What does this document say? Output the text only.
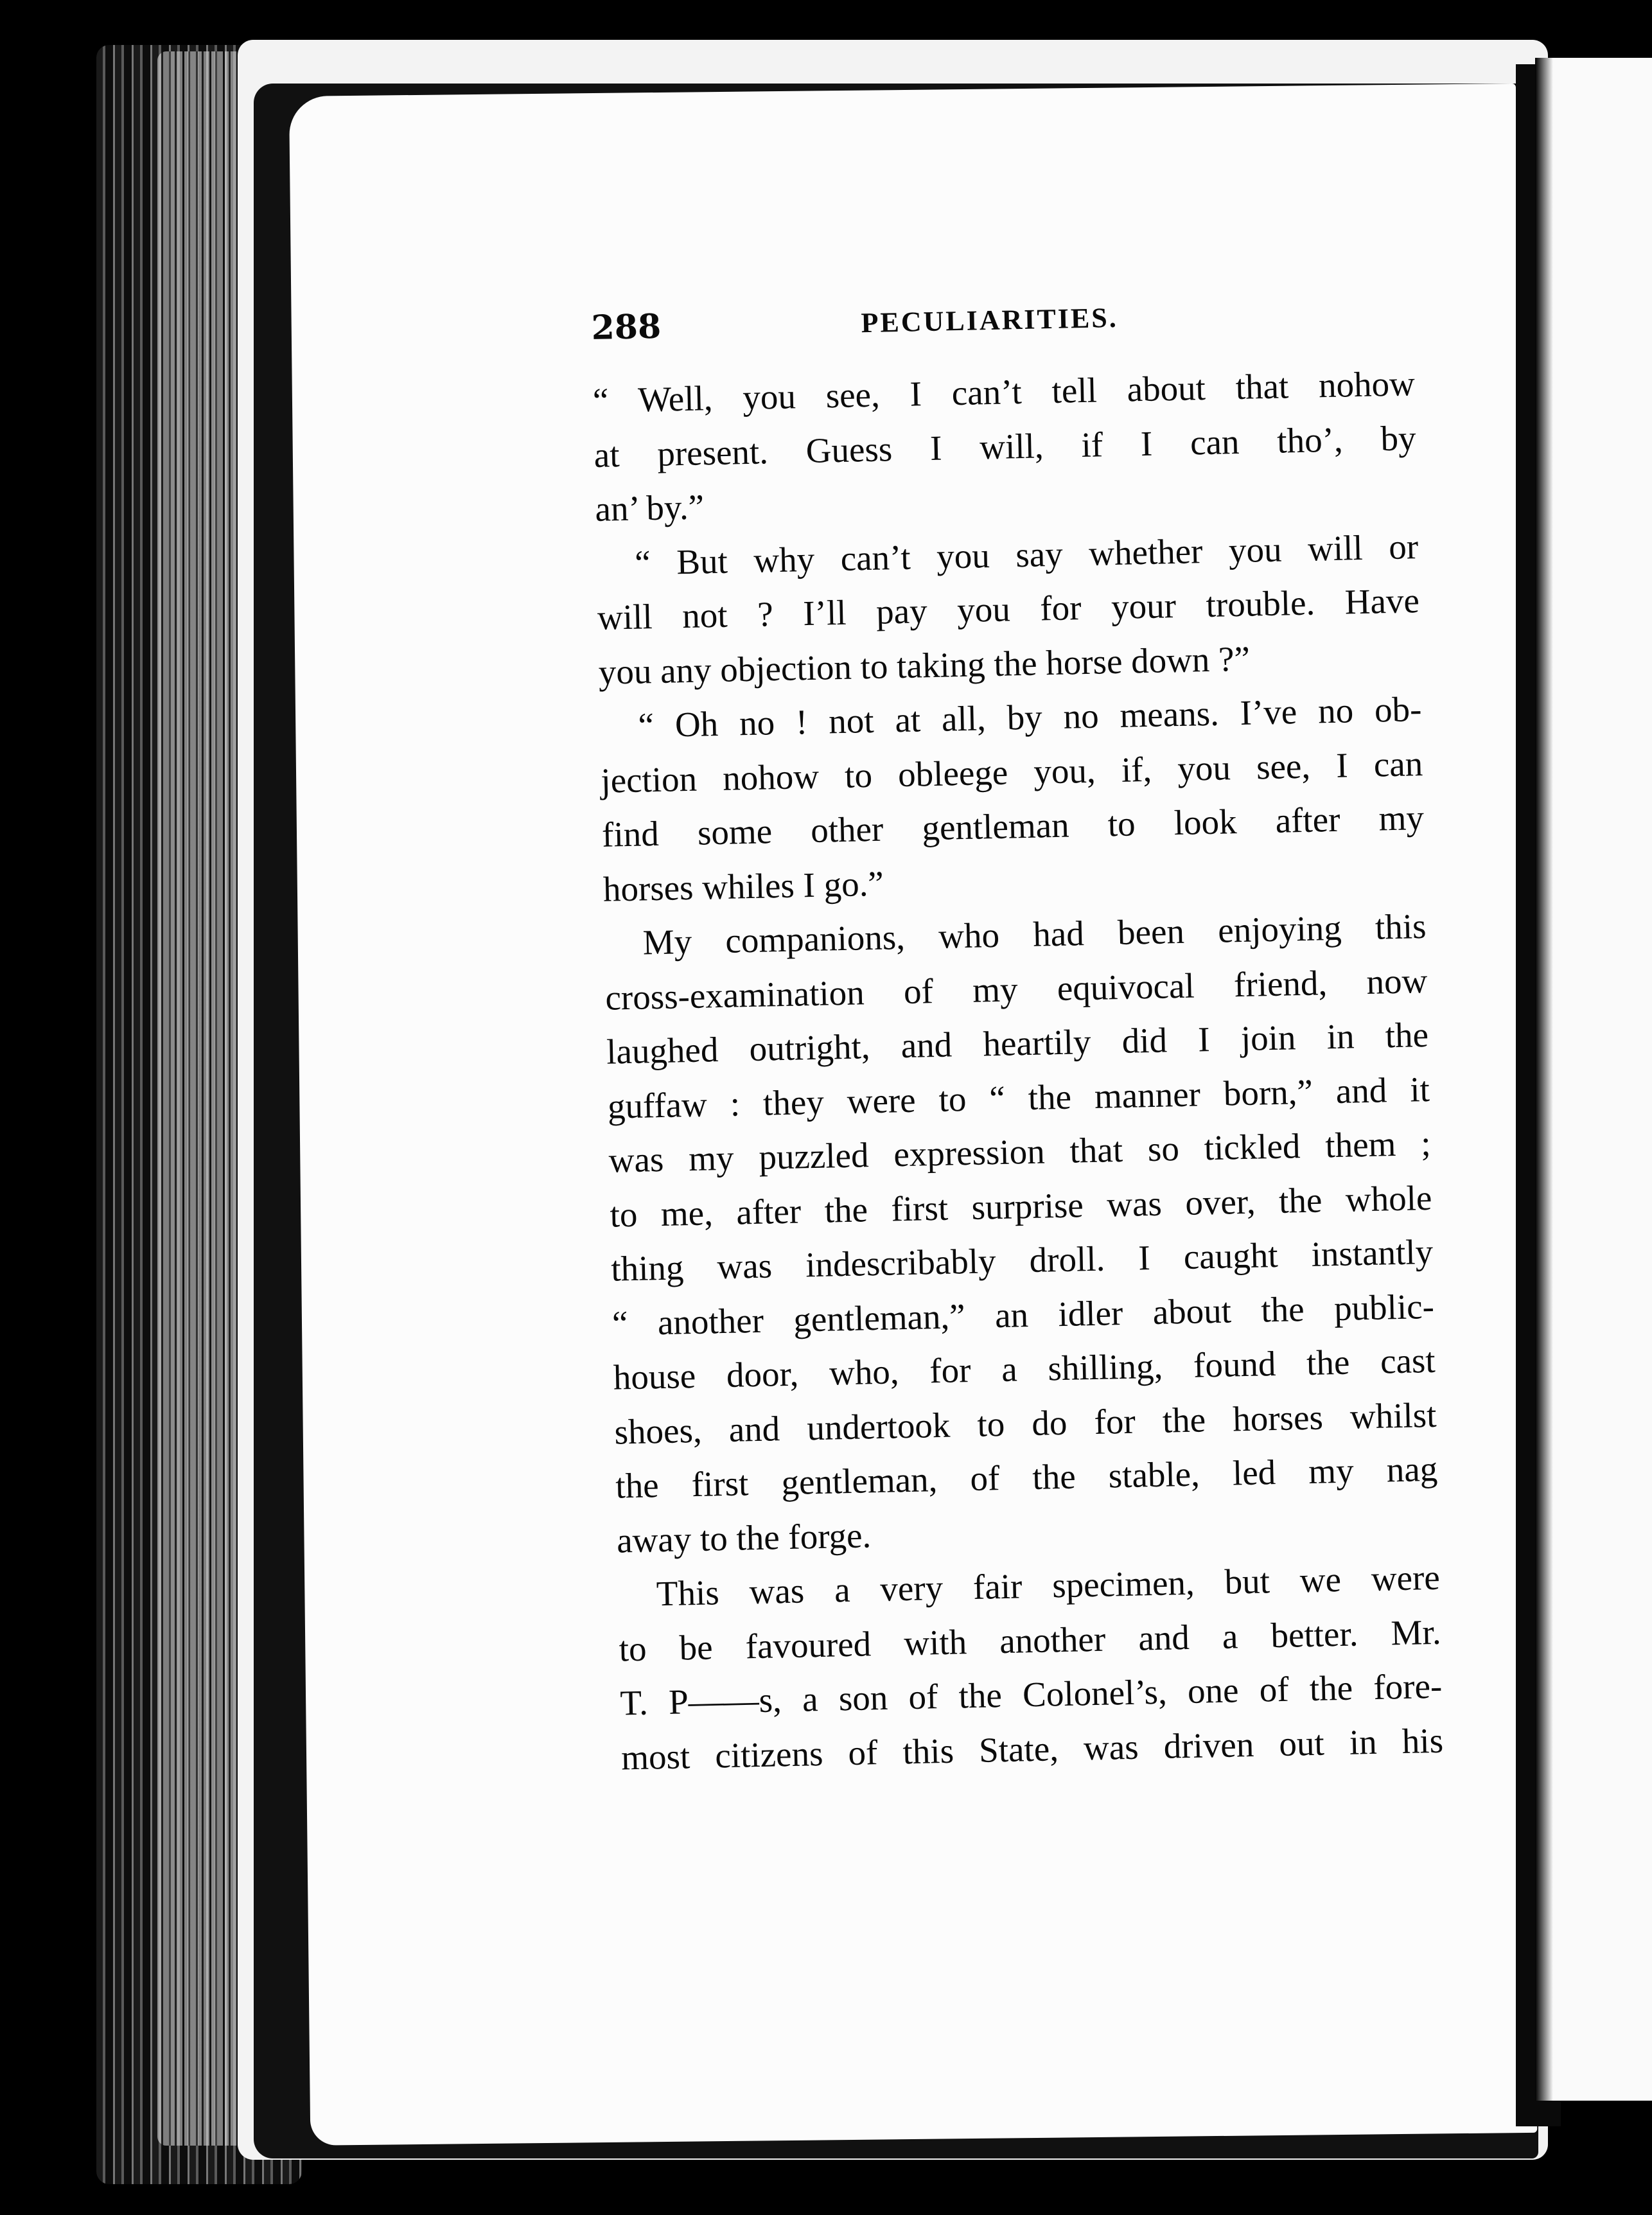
288	PECULIARITIES.
“ Well, you see, I can’t tell about that nohow
at present. Guess I will, if I can tho’, by
an’ by.”
“ But why can’t you say whether you will or
will not ? I’ll pay you for your trouble. Have
you any objection to taking the horse down ?”
“ Oh no ! not at all, by no means. I’ve no ob-
jection nohow to obleege you, if, you see, I can
find some other gentleman to look after my
horses whiles I go.”
My companions, who had been enjoying this
cross-examination of my equivocal friend, now
laughed outright, and heartily did I join in the
guffaw : they were to “ the manner born,” and it
was my puzzled expression that so tickled them ;
to me, after the first surprise was over, the whole
thing was indescribably droll. I caught instantly
“ another gentleman,” an idler about the public-
house door, who, for a shilling, found the cast
shoes, and undertook to do for the horses whilst
the first gentleman, of the stable, led my nag
away to the forge.
This was a very fair specimen, but we were
to be favoured with another and a better. Mr.
T. P——s, a son of the Colonel’s, one of the fore-
most citizens of this State, was driven out in his
